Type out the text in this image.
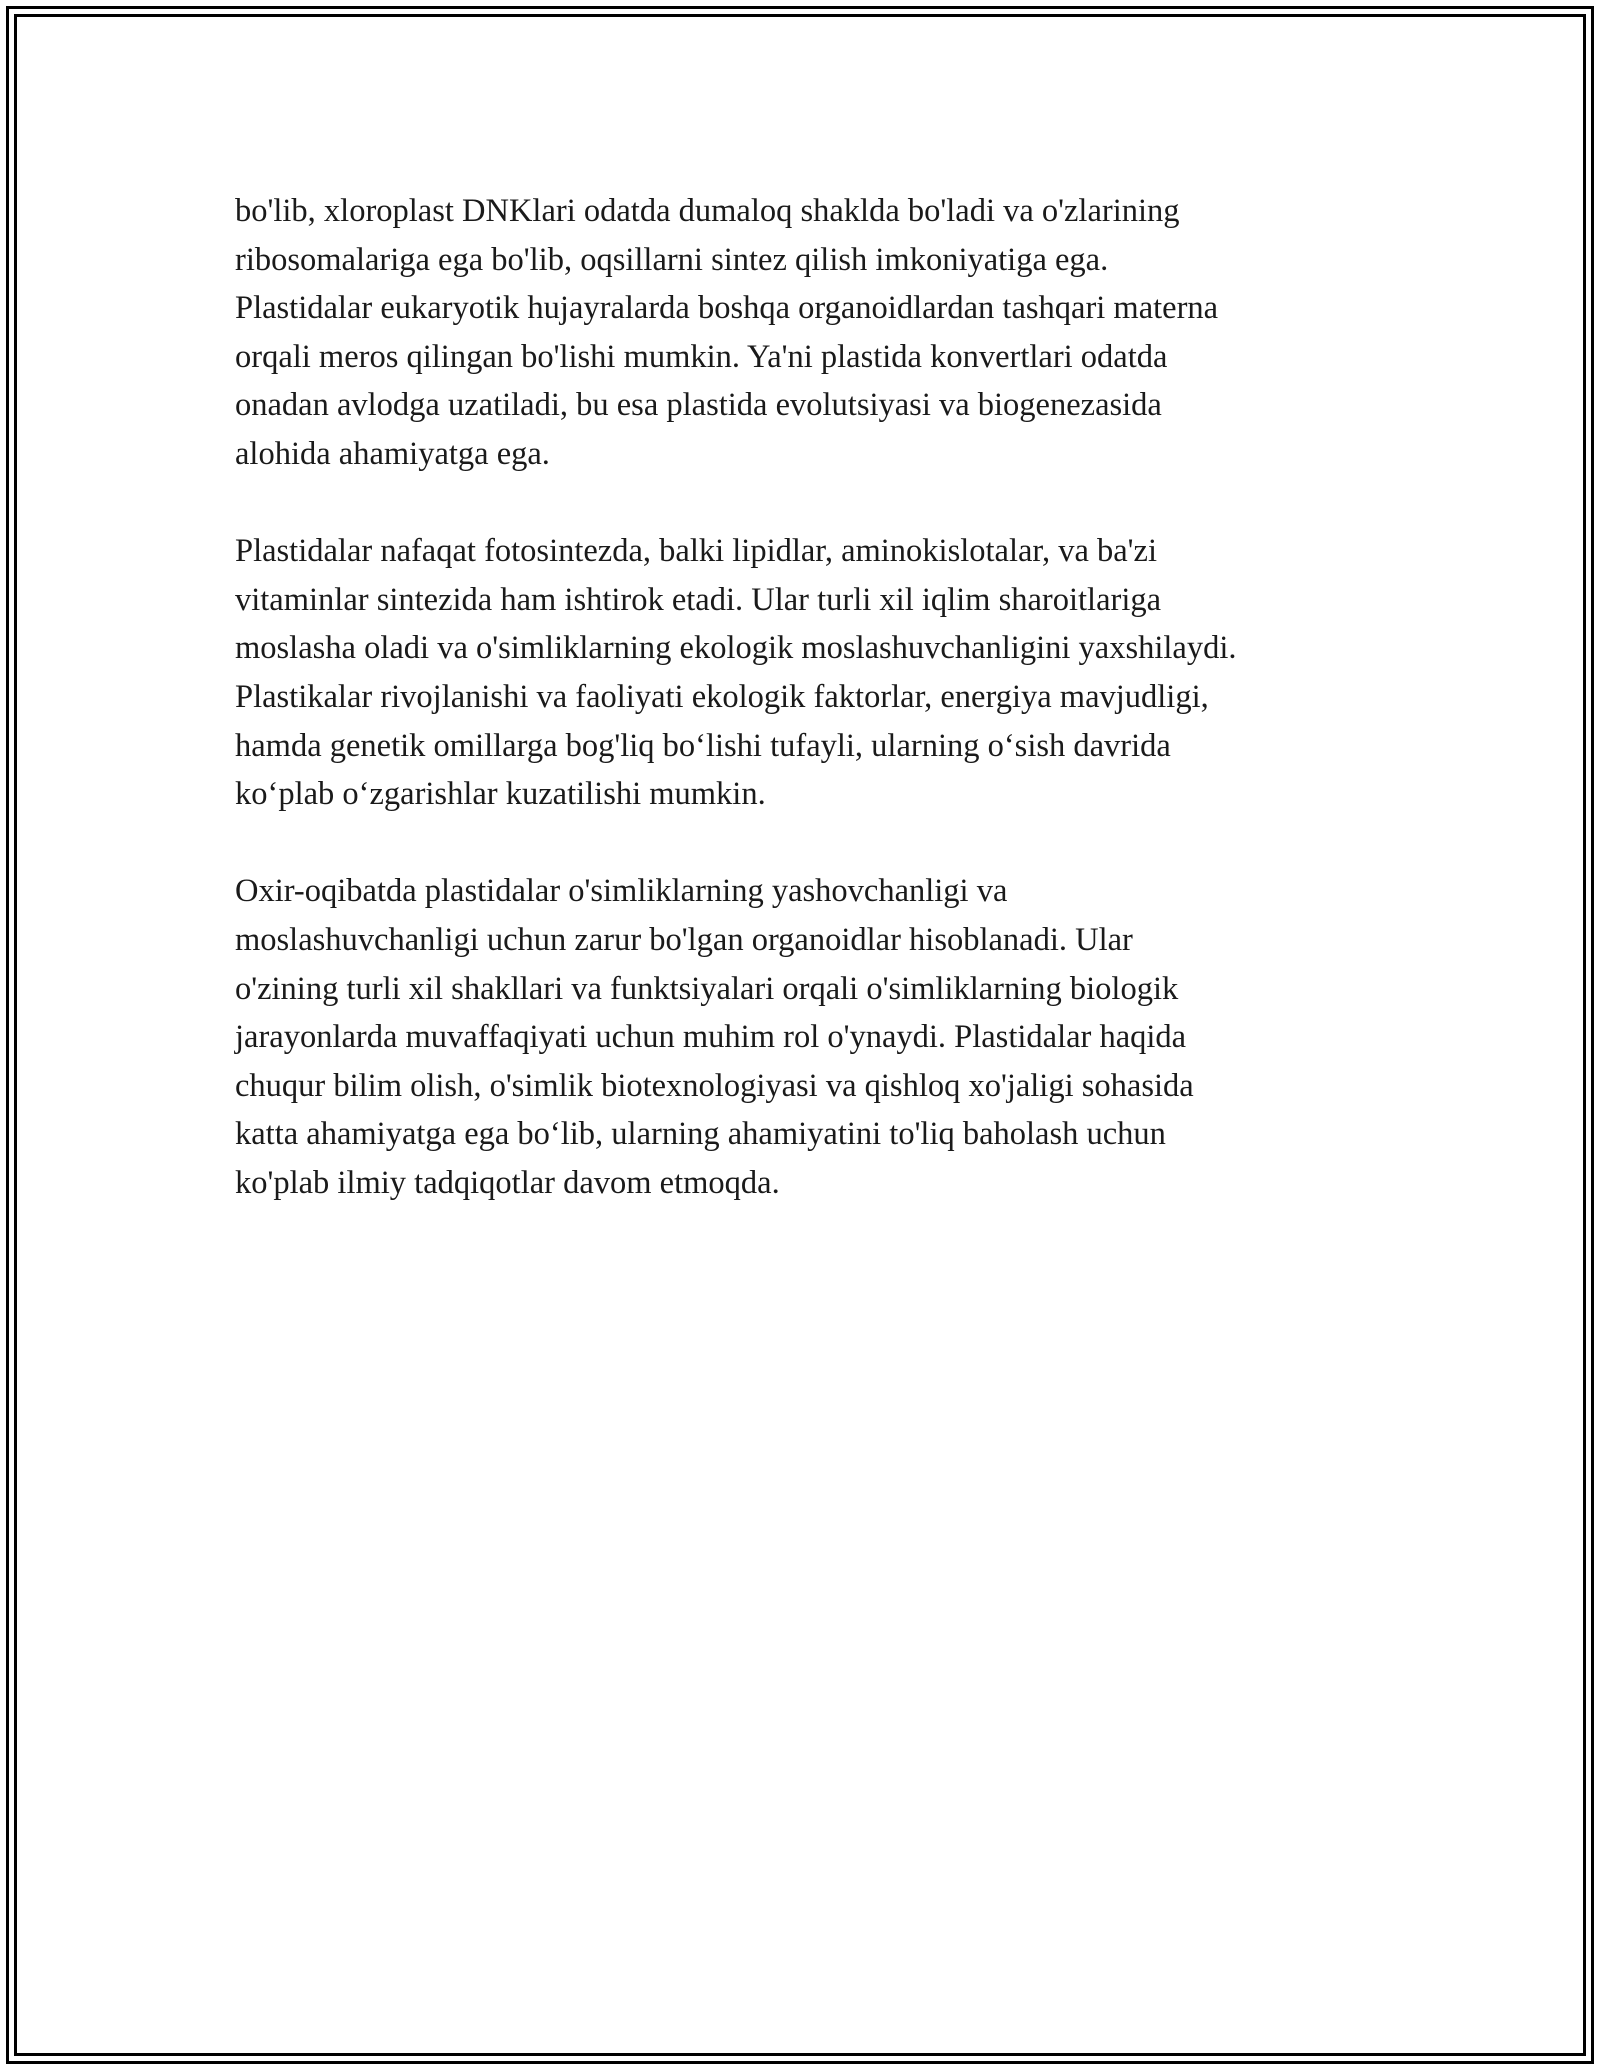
bo'lib, xloroplast DNKlari odatda dumaloq shaklda bo'ladi va o'zlarining
ribosomalariga ega bo'lib, oqsillarni sintez qilish imkoniyatiga ega.
Plastidalar eukaryotik hujayralarda boshqa organoidlardan tashqari materna
orqali meros qilingan bo'lishi mumkin. Ya'ni plastida konvertlari odatda
onadan avlodga uzatiladi, bu esa plastida evolutsiyasi va biogenezasida
alohida ahamiyatga ega.

Plastidalar nafaqat fotosintezda, balki lipidlar, aminokislotalar, va ba'zi
vitaminlar sintezida ham ishtirok etadi. Ular turli xil iqlim sharoitlariga
moslasha oladi va o'simliklarning ekologik moslashuvchanligini yaxshilaydi.
Plastikalar rivojlanishi va faoliyati ekologik faktorlar, energiya mavjudligi,
hamda genetik omillarga bog'liq bo‘lishi tufayli, ularning o‘sish davrida
ko‘plab o‘zgarishlar kuzatilishi mumkin.

Oxir-oqibatda plastidalar o'simliklarning yashovchanligi va
moslashuvchanligi uchun zarur bo'lgan organoidlar hisoblanadi. Ular
o'zining turli xil shakllari va funktsiyalari orqali o'simliklarning biologik
jarayonlarda muvaffaqiyati uchun muhim rol o'ynaydi. Plastidalar haqida
chuqur bilim olish, o'simlik biotexnologiyasi va qishloq xo'jaligi sohasida
katta ahamiyatga ega bo‘lib, ularning ahamiyatini to'liq baholash uchun
ko'plab ilmiy tadqiqotlar davom etmoqda.
